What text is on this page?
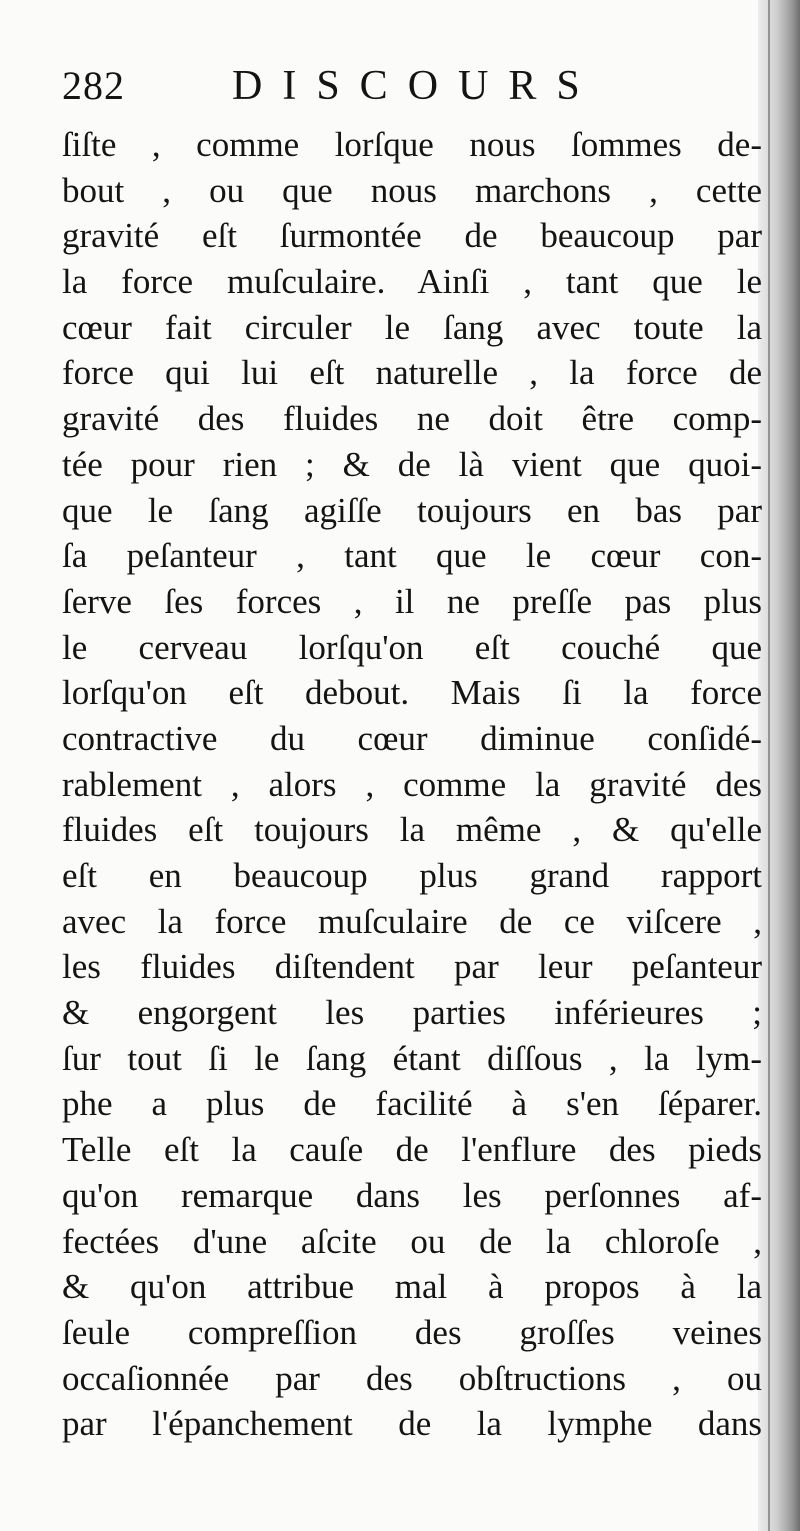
282	DISCOURS
ſiſte , comme lorſque nous ſommes de-
bout , ou que nous marchons , cette
gravité eſt ſurmontée de beaucoup par
la force muſculaire. Ainſi , tant que le
cœur fait circuler le ſang avec toute la
force qui lui eſt naturelle , la force de
gravité des fluides ne doit être comp-
tée pour rien ; & de là vient que quoi-
que le ſang agiſſe toujours en bas par
ſa peſanteur , tant que le cœur con-
ſerve ſes forces , il ne preſſe pas plus
le cerveau lorſqu'on eſt couché que
lorſqu'on eſt debout. Mais ſi la force
contractive du cœur diminue conſidé-
rablement , alors , comme la gravité des
fluides eſt toujours la même , & qu'elle
eſt en beaucoup plus grand rapport
avec la force muſculaire de ce viſcere ,
les fluides diſtendent par leur peſanteur
& engorgent les parties inférieures ;
ſur tout ſi le ſang étant diſſous , la lym-
phe a plus de facilité à s'en ſéparer.
Telle eſt la cauſe de l'enflure des pieds
qu'on remarque dans les perſonnes af-
fectées d'une aſcite ou de la chloroſe ,
& qu'on attribue mal à propos à la
ſeule compreſſion des groſſes veines
occaſionnée par des obſtructions , ou
par l'épanchement de la lymphe dans
